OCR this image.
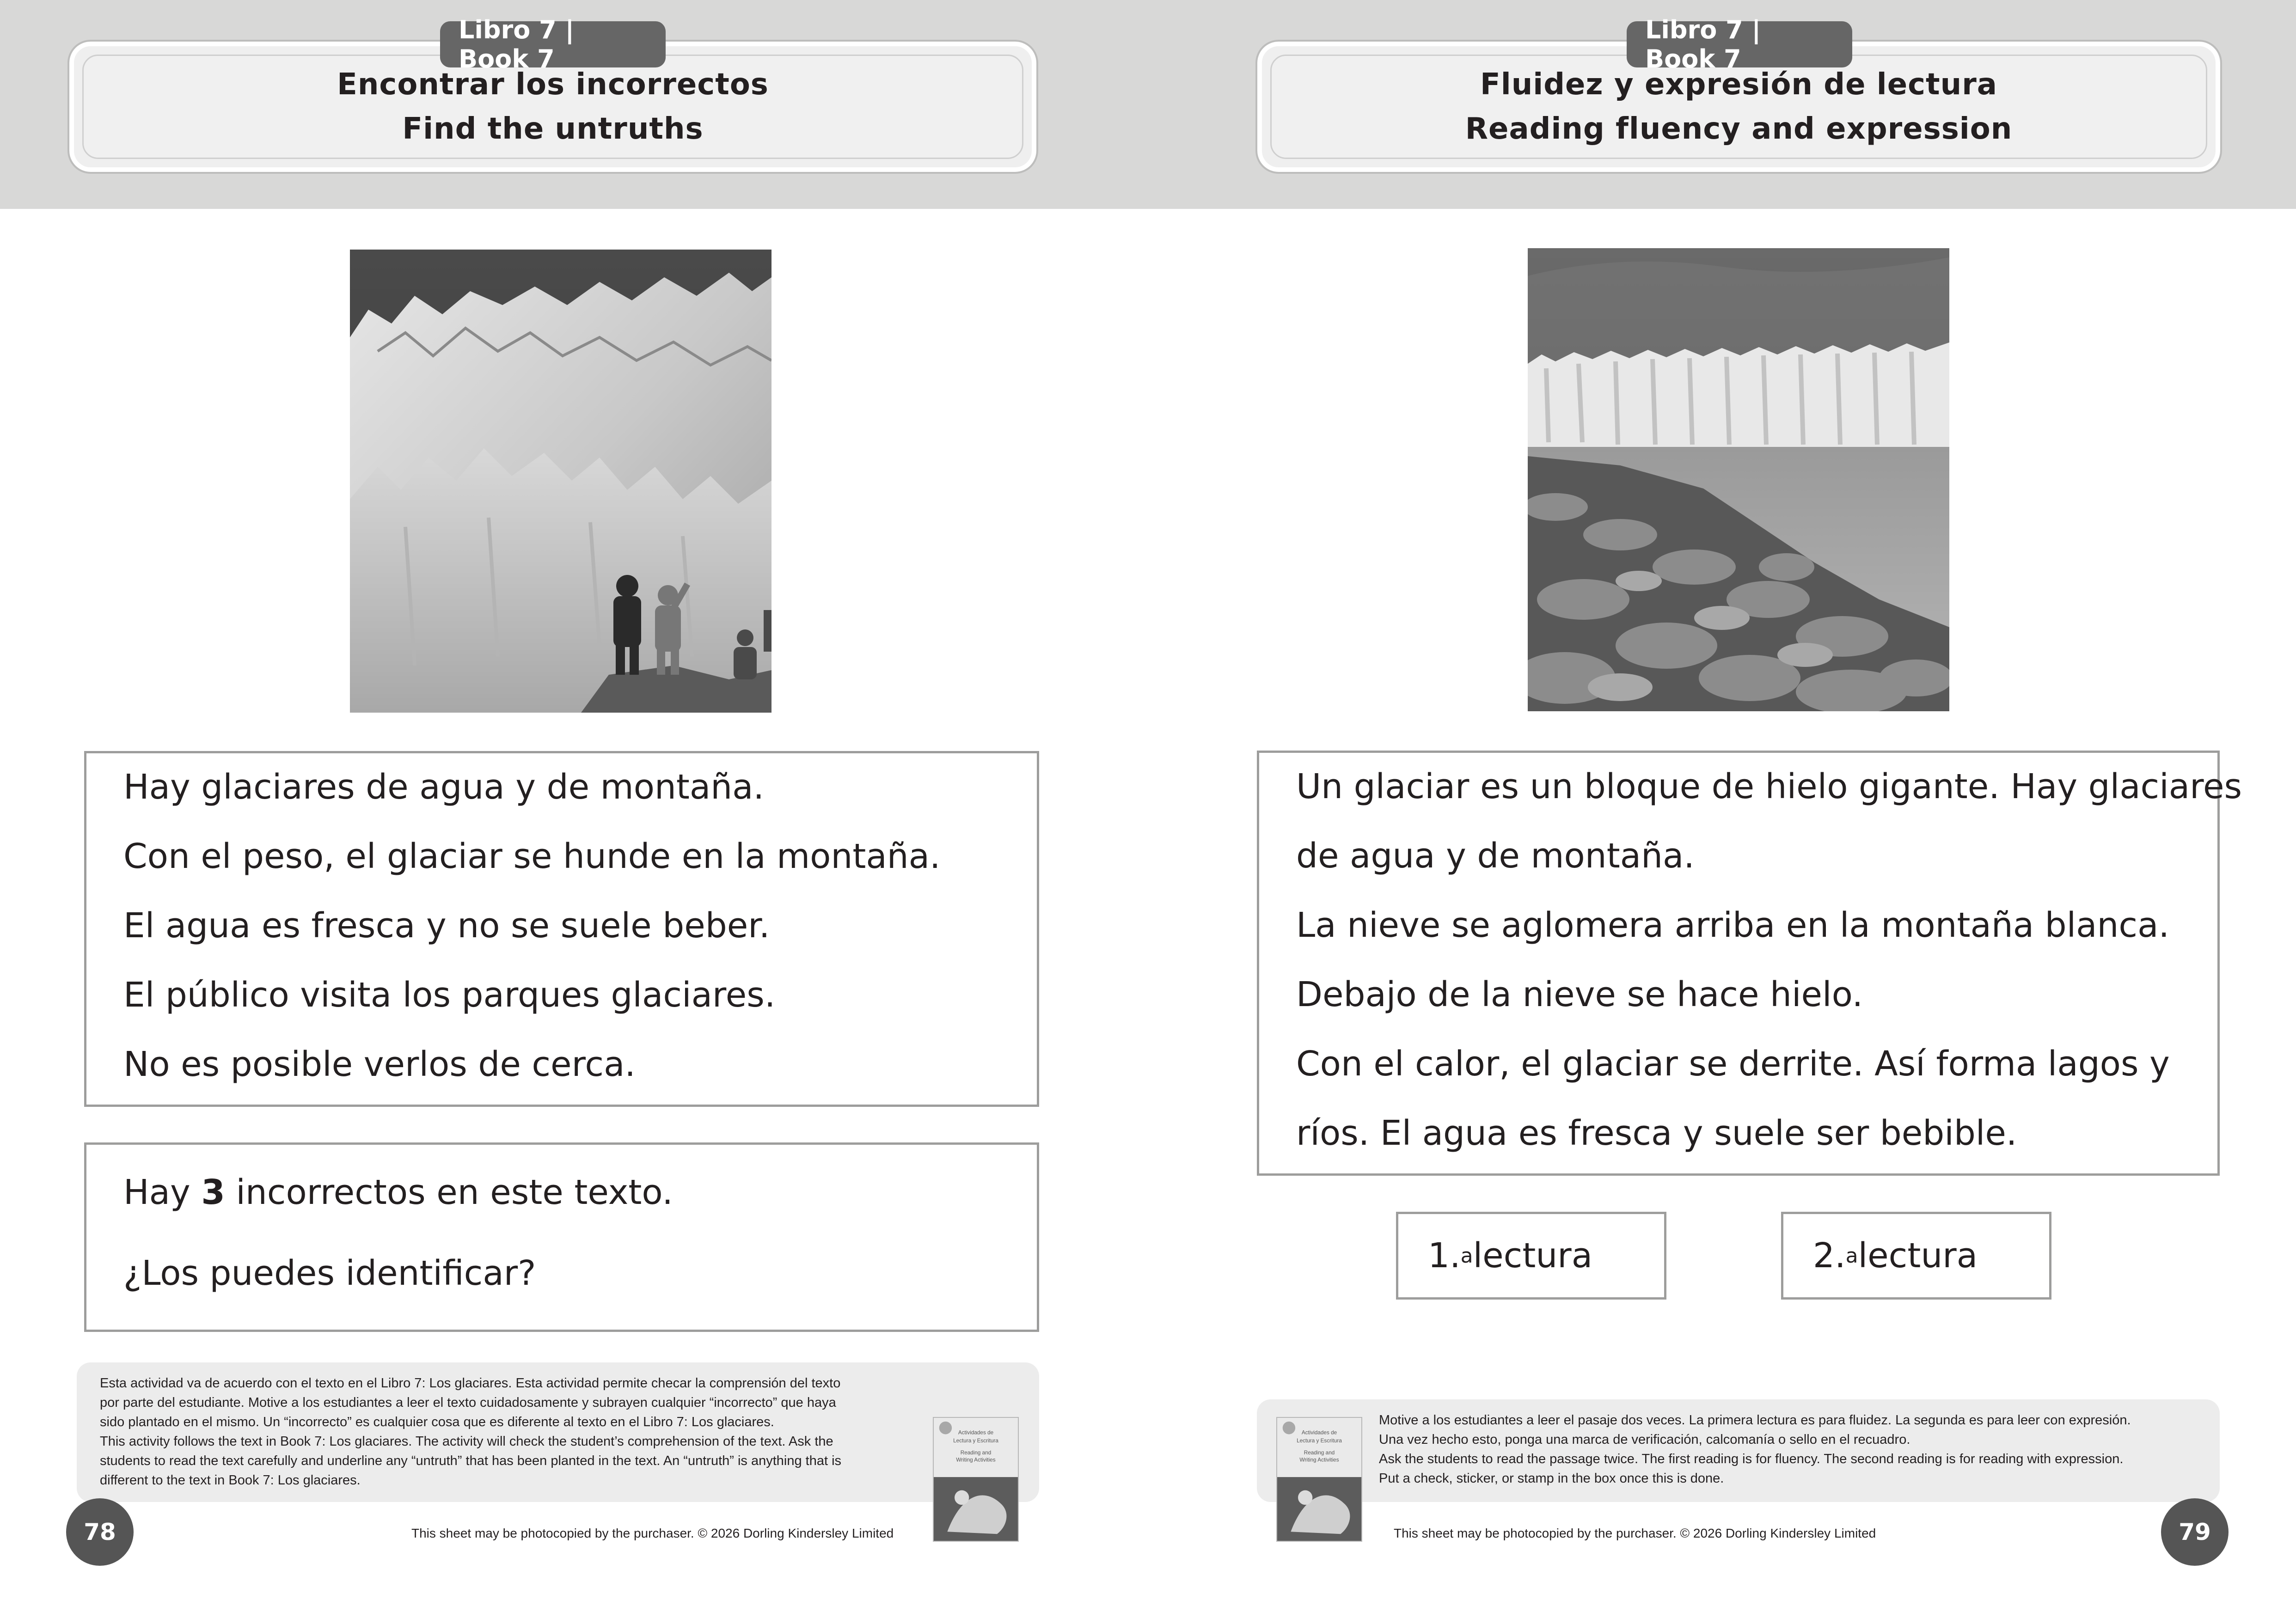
Encontrar los incorrectos
Find the untruths
Libro 7 | Book 7
Hay glaciares de agua y de montaña.
Con el peso, el glaciar se hunde en la montaña.
El agua es fresca y no se suele beber.
El público visita los parques glaciares.
No es posible verlos de cerca.
Hay 3 incorrectos en este texto.
¿Los puedes identificar?

Esta actividad va de acuerdo con el texto en el Libro 7: Los glaciares. Esta actividad permite checar la comprensión del texto

por parte del estudiante. Motive a los estudiantes a leer el texto cuidadosamente y subrayen cualquier “incorrecto” que haya

sido plantado en el mismo. Un “incorrecto” es cualquier cosa que es diferente al texto en el Libro 7: Los glaciares.

This activity follows the text in Book 7: Los glaciares. The activity will check the student’s comprehension of the text. Ask the

students to read the text carefully and underline any “untruth” that has been planted in the text. An “untruth” is anything that is

different to the text in Book 7: Los glaciares.

Actividades de
Lectura y Escritura
Reading and
Writing Activities
78	This sheet may be photocopied by the purchaser. © 2026 Dorling Kindersley Limited
Fluidez y expresión de lectura
Reading fluency and expression
Libro 7 | Book 7
Un glaciar es un bloque de hielo gigante. Hay glaciares
de agua y de montaña.
La nieve se aglomera arriba en la montaña blanca.
Debajo de la nieve se hace hielo.
Con el calor, el glaciar se derrite. Así forma lagos y
ríos. El agua es fresca y suele ser bebible.
1. a lectura	2. a lectura

Motive a los estudiantes a leer el pasaje dos veces. La primera lectura es para fluidez. La segunda es para leer con expresión.

Una vez hecho esto, ponga una marca de verificación, calcomanía o sello en el recuadro.

Ask the students to read the passage twice. The first reading is for fluency. The second reading is for reading with expression.

Put a check, sticker, or stamp in the box once this is done.

Actividades de
Lectura y Escritura
Reading and
Writing Activities
This sheet may be photocopied by the purchaser. © 2026 Dorling Kindersley Limited	79
